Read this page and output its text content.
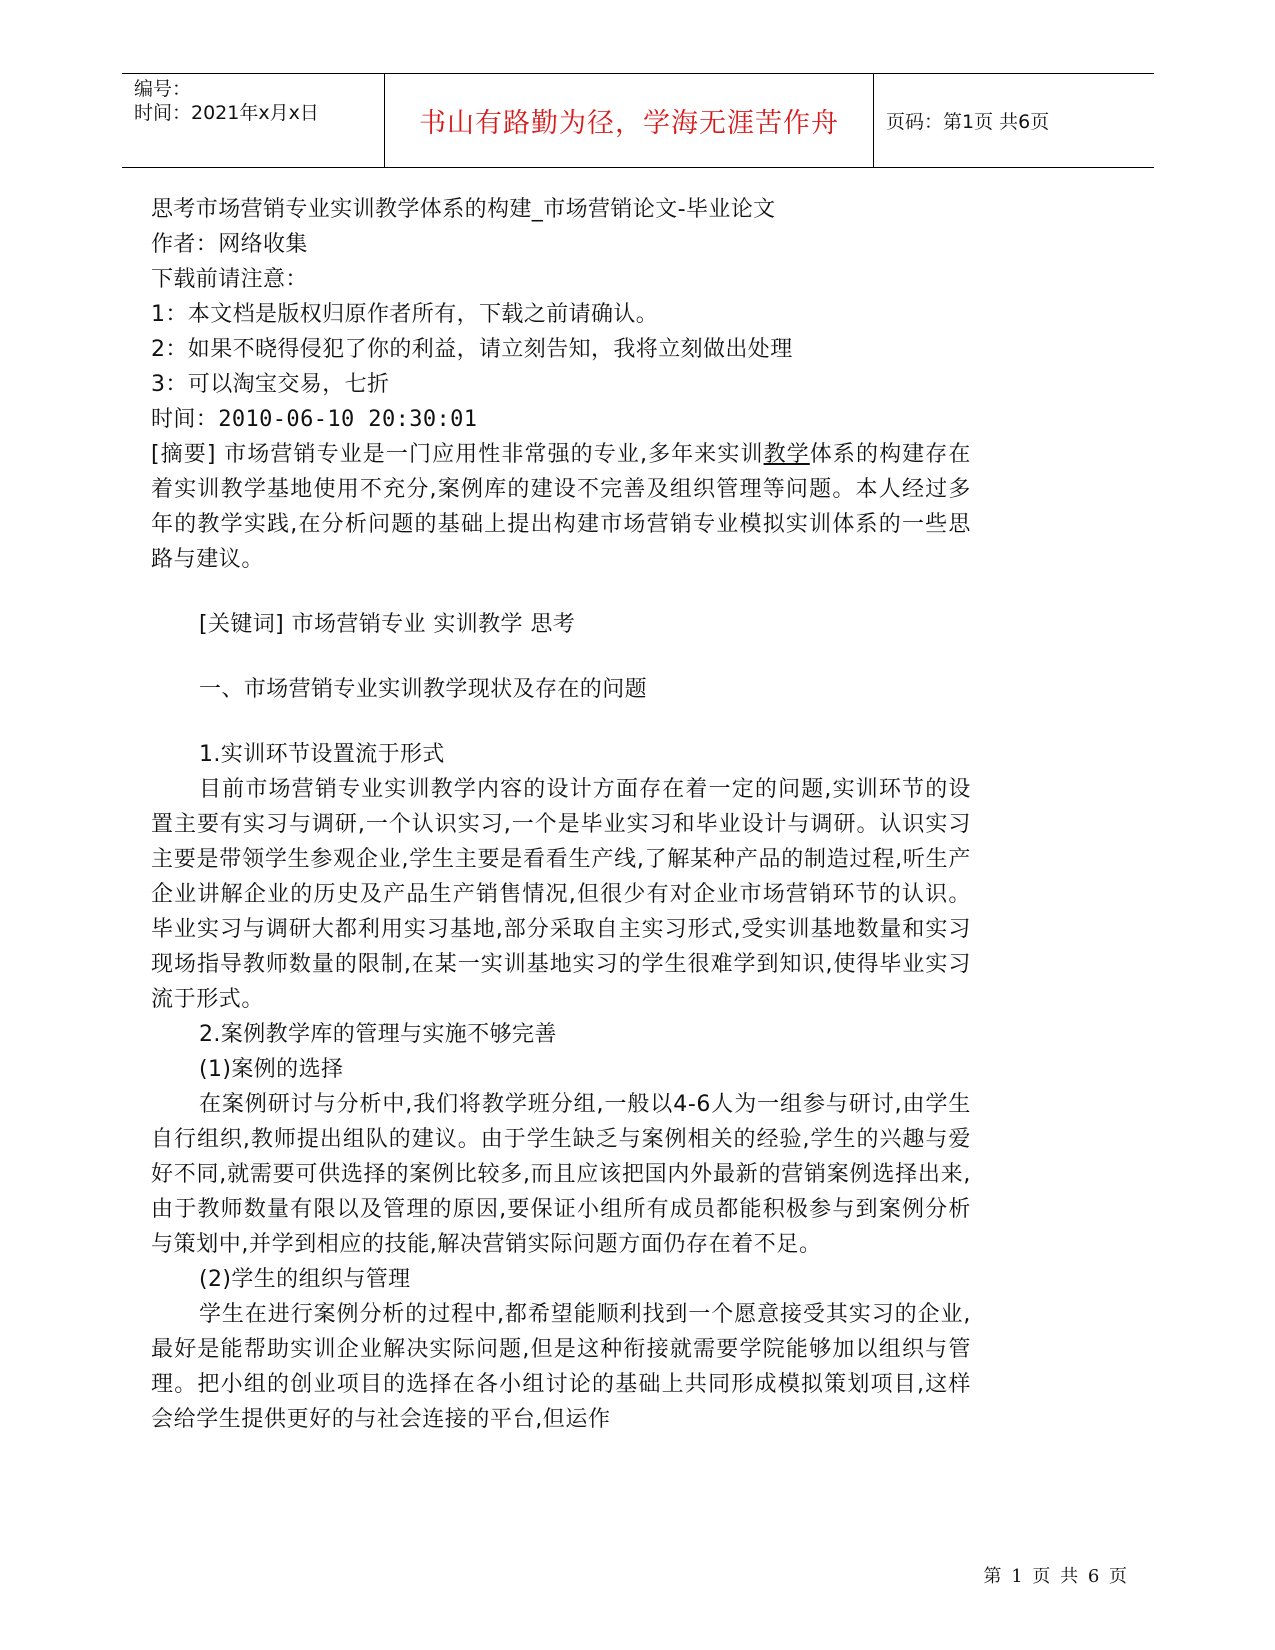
编号：
时间：2021年x月x日	书山有路勤为径，学海无涯苦作舟 页码：第1页 共6页
思考市场营销专业实训教学体系的构建_市场营销论文-毕业论文
作者：网络收集
下载前请注意：
1：本文档是版权归原作者所有，下载之前请确认。
2：如果不晓得侵犯了你的利益，请立刻告知，我将立刻做出处理
3：可以淘宝交易，七折
时间：2010-06-10 20:30:01
[摘要] 市场营销专业是一门应用性非常强的专业,多年来实训教学体系的构建存在着实训教学基地使用不充分,案例库的建设不完善及组织管理等问题。本人经过多年的教学实践,在分析问题的基础上提出构建市场营销专业模拟实训体系的一些思路与建议。
[关键词] 市场营销专业 实训教学 思考
一、市场营销专业实训教学现状及存在的问题
1.实训环节设置流于形式
目前市场营销专业实训教学内容的设计方面存在着一定的问题,实训环节的设置主要有实习与调研,一个认识实习,一个是毕业实习和毕业设计与调研。认识实习主要是带领学生参观企业,学生主要是看看生产线,了解某种产品的制造过程,听生产企业讲解企业的历史及产品生产销售情况,但很少有对企业市场营销环节的认识。毕业实习与调研大都利用实习基地,部分采取自主实习形式,受实训基地数量和实习现场指导教师数量的限制,在某一实训基地实习的学生很难学到知识,使得毕业实习流于形式。
2.案例教学库的管理与实施不够完善
(1)案例的选择
在案例研讨与分析中,我们将教学班分组,一般以4-6人为一组参与研讨,由学生自行组织,教师提出组队的建议。由于学生缺乏与案例相关的经验,学生的兴趣与爱好不同,就需要可供选择的案例比较多,而且应该把国内外最新的营销案例选择出来,由于教师数量有限以及管理的原因,要保证小组所有成员都能积极参与到案例分析与策划中,并学到相应的技能,解决营销实际问题方面仍存在着不足。
(2)学生的组织与管理
学生在进行案例分析的过程中,都希望能顺利找到一个愿意接受其实习的企业,最好是能帮助实训企业解决实际问题,但是这种衔接就需要学院能够加以组织与管理。把小组的创业项目的选择在各小组讨论的基础上共同形成模拟策划项目,这样会给学生提供更好的与社会连接的平台,但运作
第 1 页 共 6 页
